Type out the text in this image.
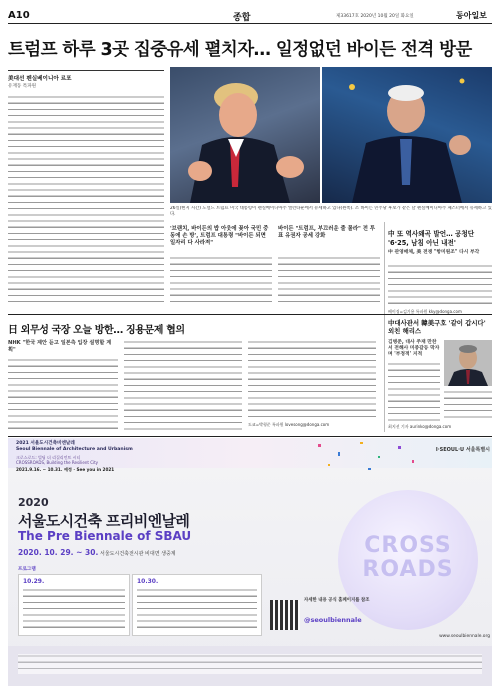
A10	종합	제33617호 2020년 10월 20일 화요일	동아일보
트럼프 하루 3곳 집중유세 펼치자… 일정없던 바이든 전격 방문
美대선 펜실베이니아 르포
유재동 특파원
26일(현지 시간) 도널드 트럼프 미국 대통령이 펜실베이니아주 앨런타운에서 유세하고 있다(왼쪽). 조 바이든 민주당 후보가 같은 날 펜실베이니아주 체스터에서 유세하고 있다.
'브랜치, 바이든의 밥 아웃에 꽂아 국민 중 동에 손 방', 트럼프 대통령 "바이든 되면 일자리 다 사라져"
바이든 "트럼프, 부끄러운 줄 몰라" 전 투표 유권자 공세 강화	中 또 역사왜곡 발언… 공청단 '6·25, 남침 아닌 내전'
中 관영매체, 美 전쟁 "항미원조" 다시 부각
베이징=김기용 특파원 kky@donga.com
日 외무성 국장 오늘 방한… 징용문제 협의
NHK "한국 제안 듣고 일본측 입장 설명할 계획"
도쿄=박형준 특파원 lovesong@donga.com
中대사관서 韓美구호 '같이 갑시다' 외친 해리스
김병준, 대사 주재 만찬서 전해사 미중갈등 막자며 '부정적' 지적
최지선 기자 aurinko@donga.com
2021 서울도시건축비엔날레
Seoul Biennale of Architecture and Urbanism
크로스로드: 빌딩 더 리질리언트 시티
CROSSROADS, Building the Resilient City
2021.9.16. ~ 10.31. 예정 · See you in 2021
I·SEOUL·U 서울특별시
2020
서울도시건축 프리비엔날레
The Pre Biennale of SBAU
2020. 10. 29. ~ 30. 서울도시건축전시관 비대면 생중계
프로그램
10.29.	10.30.
CROSS ROADS
자세한 내용 공식 홈페이지를 참조
@seoulbiennale
www.seoulbiennale.org
